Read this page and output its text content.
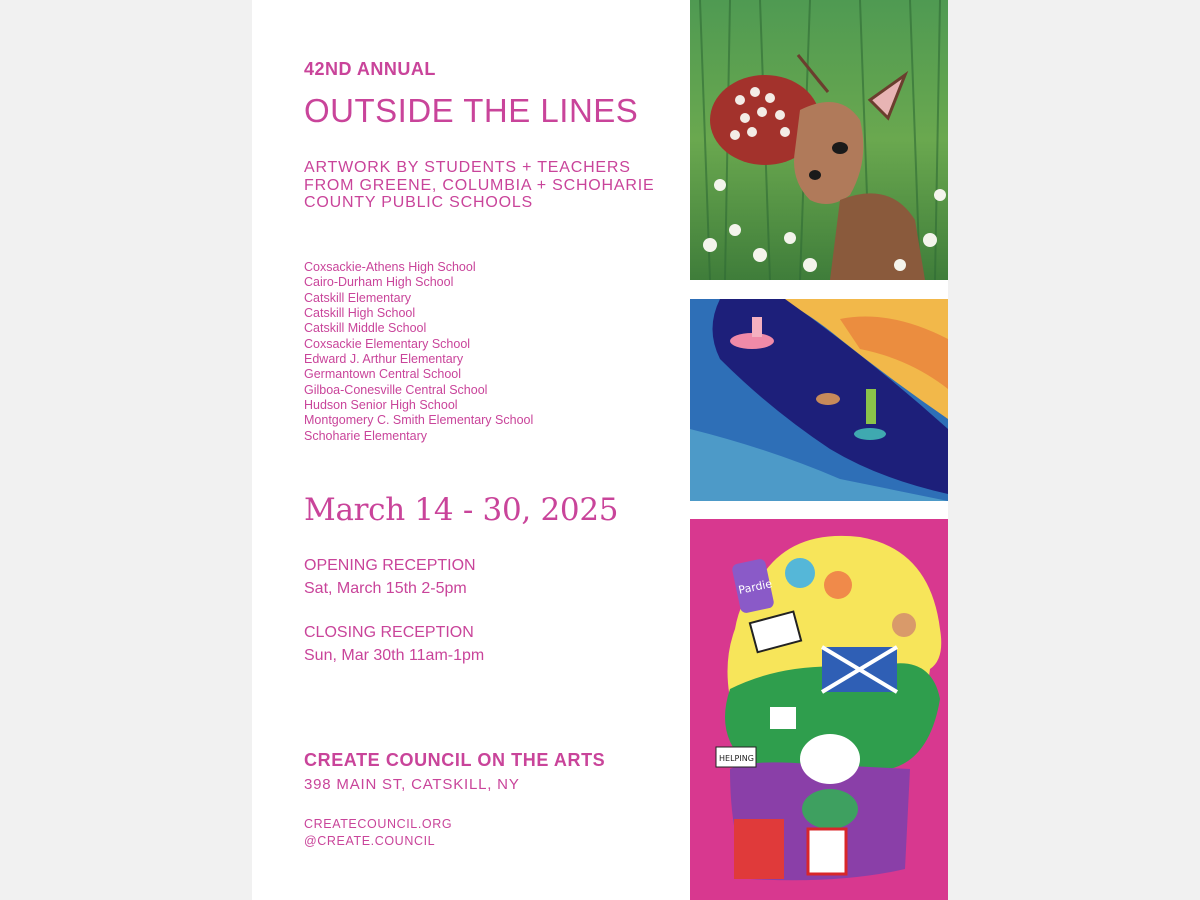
42ND ANNUAL
OUTSIDE THE LINES
ARTWORK BY STUDENTS + TEACHERS
FROM GREENE, COLUMBIA + SCHOHARIE
COUNTY PUBLIC SCHOOLS
Coxsackie-Athens High School
Cairo-Durham High School
Catskill Elementary
Catskill High School
Catskill Middle School
Coxsackie Elementary School
Edward J. Arthur Elementary
Germantown Central School
Gilboa-Conesville Central School
Hudson Senior High School
Montgomery C. Smith Elementary School
Schoharie Elementary
March 14 - 30, 2025
OPENING RECEPTION
Sat, March 15th 2-5pm
CLOSING RECEPTION
Sun, Mar 30th 11am-1pm
CREATE COUNCIL ON THE ARTS
398 MAIN ST, CATSKILL, NY
CREATECOUNCIL.ORG
@CREATE.COUNCIL
Pardie
HELPING
